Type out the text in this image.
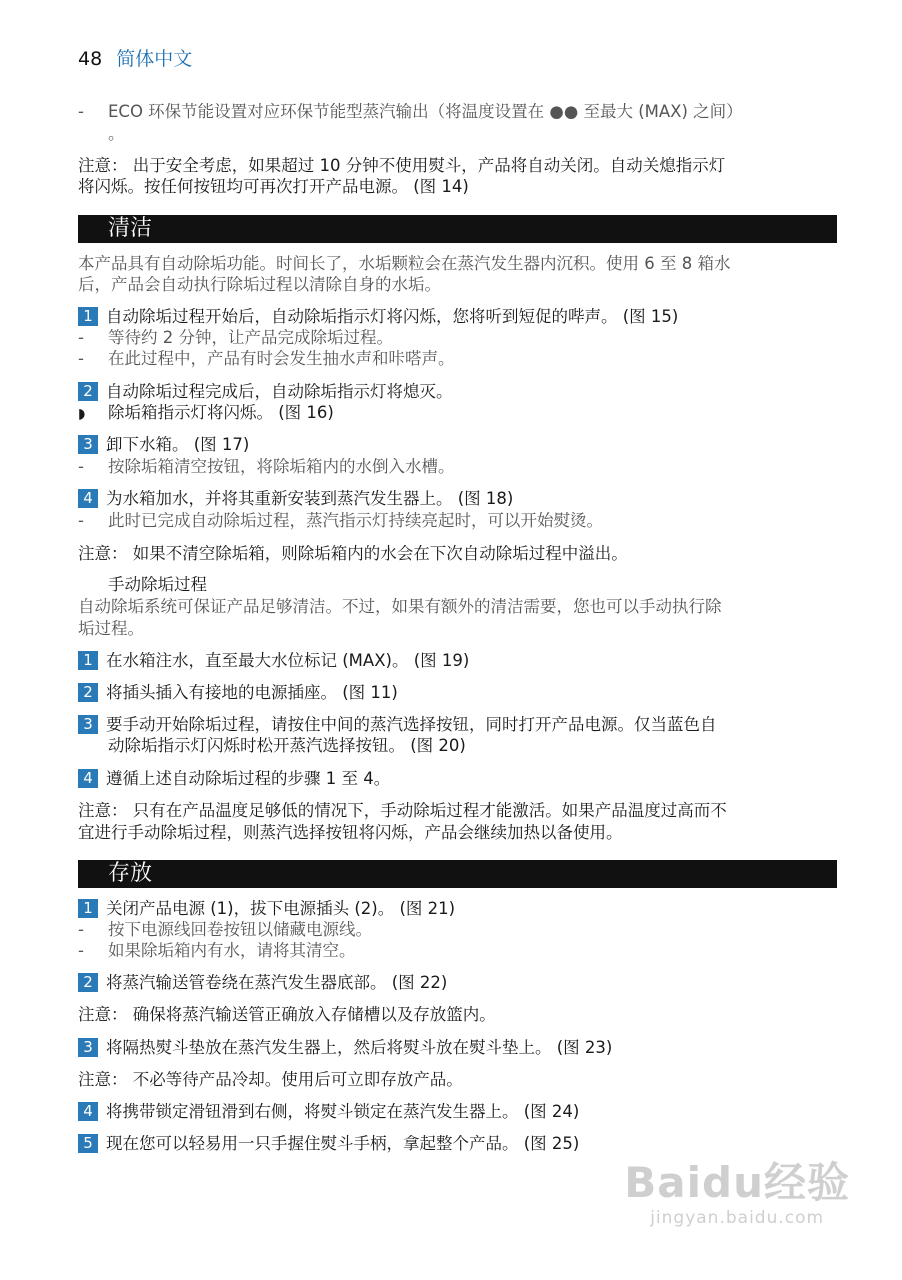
48 简体中文
- ECO 环保节能设置对应环保节能型蒸汽输出（将温度设置在 ●● 至最大 (MAX) 之间）
。
注意： 出于安全考虑，如果超过 10 分钟不使用熨斗，产品将自动关闭。自动关熄指示灯
将闪烁。按任何按钮均可再次打开产品电源。 (图 14)
清洁
本产品具有自动除垢功能。时间长了，水垢颗粒会在蒸汽发生器内沉积。使用 6 至 8 箱水
后，产品会自动执行除垢过程以清除自身的水垢。
1 自动除垢过程开始后，自动除垢指示灯将闪烁，您将听到短促的哔声。 (图 15)
- 等待约 2 分钟，让产品完成除垢过程。
- 在此过程中，产品有时会发生抽水声和咔嗒声。
2 自动除垢过程完成后，自动除垢指示灯将熄灭。
◗ 除垢箱指示灯将闪烁。 (图 16)
3 卸下水箱。 (图 17)
- 按除垢箱清空按钮，将除垢箱内的水倒入水槽。
4 为水箱加水，并将其重新安装到蒸汽发生器上。 (图 18)
- 此时已完成自动除垢过程，蒸汽指示灯持续亮起时，可以开始熨烫。
注意： 如果不清空除垢箱，则除垢箱内的水会在下次自动除垢过程中溢出。
手动除垢过程
自动除垢系统可保证产品足够清洁。不过，如果有额外的清洁需要，您也可以手动执行除
垢过程。
1 在水箱注水，直至最大水位标记 (MAX)。 (图 19)
2 将插头插入有接地的电源插座。 (图 11)
3 要手动开始除垢过程，请按住中间的蒸汽选择按钮，同时打开产品电源。仅当蓝色自
动除垢指示灯闪烁时松开蒸汽选择按钮。 (图 20)
4 遵循上述自动除垢过程的步骤 1 至 4。
注意： 只有在产品温度足够低的情况下，手动除垢过程才能激活。如果产品温度过高而不
宜进行手动除垢过程，则蒸汽选择按钮将闪烁，产品会继续加热以备使用。
存放
1 关闭产品电源 (1)，拔下电源插头 (2)。 (图 21)
- 按下电源线回卷按钮以储藏电源线。
- 如果除垢箱内有水，请将其清空。
2 将蒸汽输送管卷绕在蒸汽发生器底部。 (图 22)
注意： 确保将蒸汽输送管正确放入存储槽以及存放篮内。
3 将隔热熨斗垫放在蒸汽发生器上，然后将熨斗放在熨斗垫上。 (图 23)
注意： 不必等待产品冷却。使用后可立即存放产品。
4 将携带锁定滑钮滑到右侧，将熨斗锁定在蒸汽发生器上。 (图 24)
5 现在您可以轻易用一只手握住熨斗手柄，拿起整个产品。 (图 25)
Baidu经验
jingyan.baidu.com
